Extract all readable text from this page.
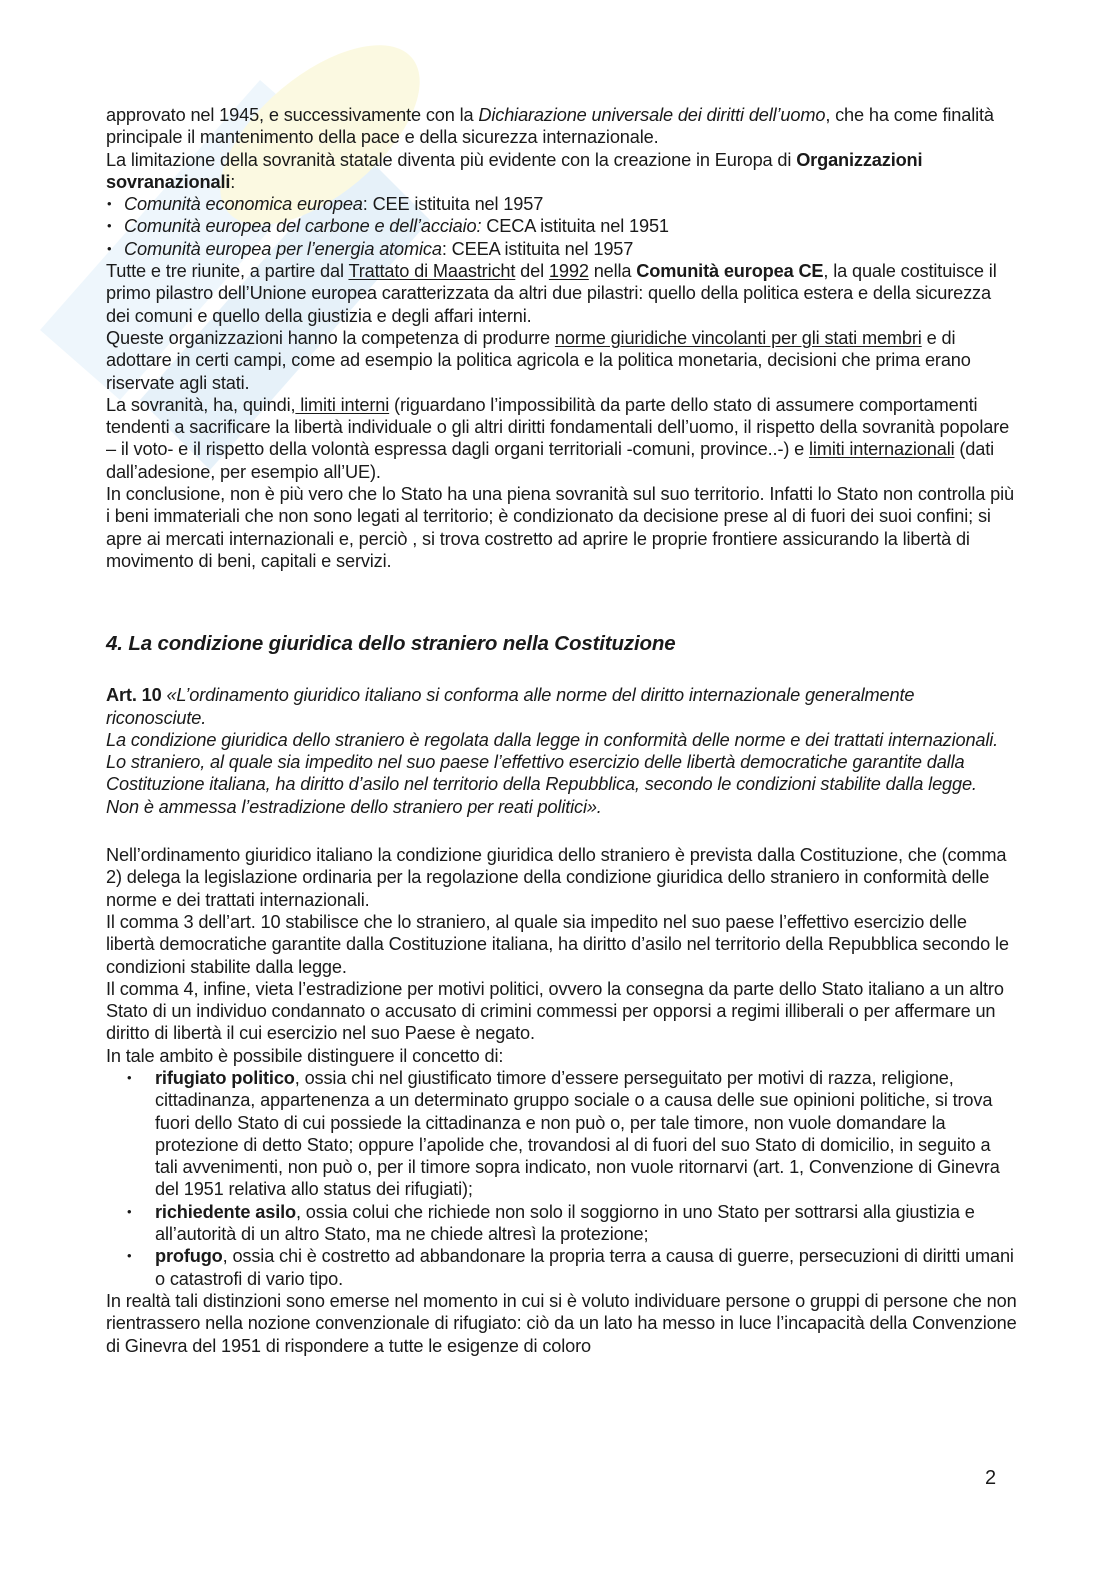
approvato nel 1945, e successivamente con la Dichiarazione universale dei diritti dell’uomo, che ha come finalità principale il mantenimento della pace e della sicurezza internazionale.

La limitazione della sovranità statale diventa più evidente con la creazione in Europa di Organizzazioni sovranazionali:

• Comunità economica europea: CEE istituita nel 1957
• Comunità europea del carbone e dell’acciaio: CECA istituita nel 1951
• Comunità europea per l’energia atomica: CEEA istituita nel 1957

Tutte e tre riunite, a partire dal Trattato di Maastricht del 1992 nella Comunità europea CE, la quale costituisce il primo pilastro dell’Unione europea caratterizzata da altri due pilastri: quello della politica estera e della sicurezza dei comuni e quello della giustizia e degli affari interni.

Queste organizzazioni hanno la competenza di produrre norme giuridiche vincolanti per gli stati membri e di adottare in certi campi, come ad esempio la politica agricola e la politica monetaria, decisioni che prima erano riservate agli stati.

La sovranità, ha, quindi, limiti interni (riguardano l’impossibilità da parte dello stato di assumere comportamenti tendenti a sacrificare la libertà individuale o gli altri diritti fondamentali dell’uomo, il rispetto della sovranità popolare – il voto- e il rispetto della volontà espressa dagli organi territoriali -comuni, province..-) e limiti internazionali (dati dall’adesione, per esempio all’UE).

In conclusione, non è più vero che lo Stato ha una piena sovranità sul suo territorio. Infatti lo Stato non controlla più i beni immateriali che non sono legati al territorio; è condizionato da decisione prese al di fuori dei suoi confini; si apre ai mercati internazionali e, perciò , si trova costretto ad aprire le proprie frontiere assicurando la libertà di movimento di beni, capitali e servizi.

4. La condizione giuridica dello straniero nella Costituzione

Art. 10 «L’ordinamento giuridico italiano si conforma alle norme del diritto internazionale generalmente riconosciute.
La condizione giuridica dello straniero è regolata dalla legge in conformità delle norme e dei trattati internazionali.
Lo straniero, al quale sia impedito nel suo paese l’effettivo esercizio delle libertà democratiche garantite dalla Costituzione italiana, ha diritto d’asilo nel territorio della Repubblica, secondo le condizioni stabilite dalla legge.
Non è ammessa l’estradizione dello straniero per reati politici».

Nell’ordinamento giuridico italiano la condizione giuridica dello straniero è prevista dalla Costituzione, che (comma 2) delega la legislazione ordinaria per la regolazione della condizione giuridica dello straniero in conformità delle norme e dei trattati internazionali.

Il comma 3 dell’art. 10 stabilisce che lo straniero, al quale sia impedito nel suo paese l’effettivo esercizio delle libertà democratiche garantite dalla Costituzione italiana, ha diritto d’asilo nel territorio della Repubblica secondo le condizioni stabilite dalla legge.

Il comma 4, infine, vieta l’estradizione per motivi politici, ovvero la consegna da parte dello Stato italiano a un altro Stato di un individuo condannato o accusato di crimini commessi per opporsi a regimi illiberali o per affermare un diritto di libertà il cui esercizio nel suo Paese è negato.

In tale ambito è possibile distinguere il concetto di:

• rifugiato politico, ossia chi nel giustificato timore d’essere perseguitato per motivi di razza, religione, cittadinanza, appartenenza a un determinato gruppo sociale o a causa delle sue opinioni politiche, si trova fuori dello Stato di cui possiede la cittadinanza e non può o, per tale timore, non vuole domandare la protezione di detto Stato; oppure l’apolide che, trovandosi al di fuori del suo Stato di domicilio, in seguito a tali avvenimenti, non può o, per il timore sopra indicato, non vuole ritornarvi (art. 1, Convenzione di Ginevra del 1951 relativa allo status dei rifugiati);
• richiedente asilo, ossia colui che richiede non solo il soggiorno in uno Stato per sottrarsi alla giustizia e all’autorità di un altro Stato, ma ne chiede altresì la protezione;
• profugo, ossia chi è costretto ad abbandonare la propria terra a causa di guerre, persecuzioni di diritti umani o catastrofi di vario tipo.

In realtà tali distinzioni sono emerse nel momento in cui si è voluto individuare persone o gruppi di persone che non rientrassero nella nozione convenzionale di rifugiato: ciò da un lato ha messo in luce l’incapacità della Convenzione di Ginevra del 1951 di rispondere a tutte le esigenze di coloro

2
